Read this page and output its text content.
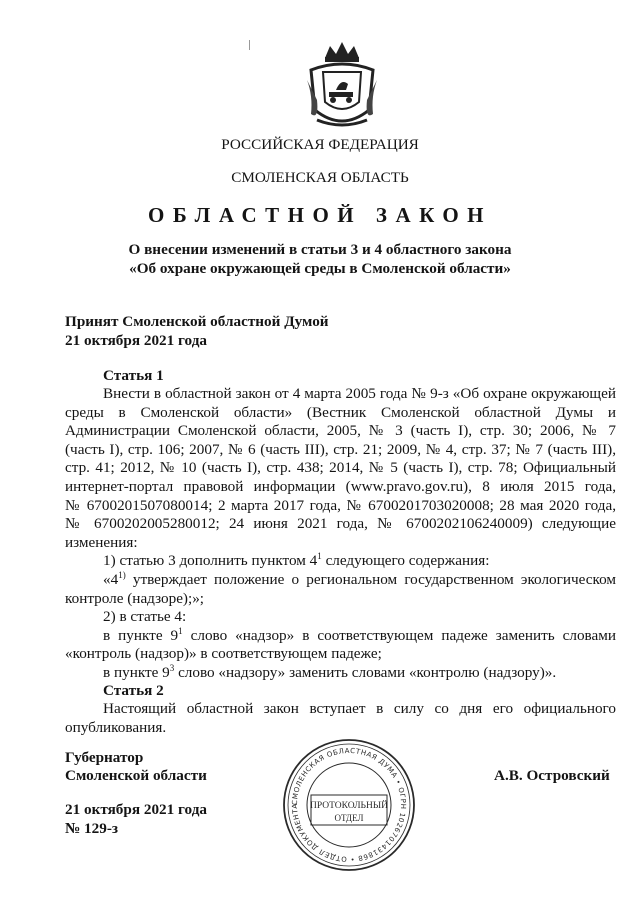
РОССИЙСКАЯ ФЕДЕРАЦИЯ
СМОЛЕНСКАЯ ОБЛАСТЬ
ОБЛАСТНОЙ ЗАКОН
О внесении изменений в статьи 3 и 4 областного закона
«Об охране окружающей среды в Смоленской области»
Принят Смоленской областной Думой
21 октября 2021 года
Статья 1
Внести в областной закон от 4 марта 2005 года № 9-з «Об охране окружающей
среды в Смоленской области» (Вестник Смоленской областной Думы и
Администрации Смоленской области, 2005, № 3 (часть I), стр. 30; 2006, № 7
(часть I), стр. 106; 2007, № 6 (часть III), стр. 21; 2009, № 4, стр. 37; № 7 (часть III),
стр. 41; 2012, № 10 (часть I), стр. 438; 2014, № 5 (часть I), стр. 78; Официальный
интернет-портал правовой информации (www.pravo.gov.ru), 8 июля 2015 года,
№ 6700201507080014; 2 марта 2017 года, № 6700201703020008; 28 мая 2020 года,
№ 6700202005280012; 24 июня 2021 года, № 6700202106240009) следующие
изменения:
1) статью 3 дополнить пунктом $4^1$ следующего содержания:
«4$^{1)}$ утверждает положение о региональном государственном экологическом
контроле (надзоре);»;
2) в статье 4:
в пункте $9^1$ слово «надзор» в соответствующем падеже заменить словами
«контроль (надзор)» в соответствующем падеже;
в пункте $9^3$ слово «надзору» заменить словами «контролю (надзору)».
Статья 2
Настоящий областной закон вступает в силу со дня его официального
опубликования.
Губернатор
Смоленской области	А.В. Островский
21 октября 2021 года
№ 129-з
СМОЛЕНСКАЯ ОБЛАСТНАЯ ДУМА • ОГРН 1026701431868 • ОТДЕЛ ДОКУМЕНТА	ПРОТОКОЛЬНЫЙ
ОТДЕЛ
